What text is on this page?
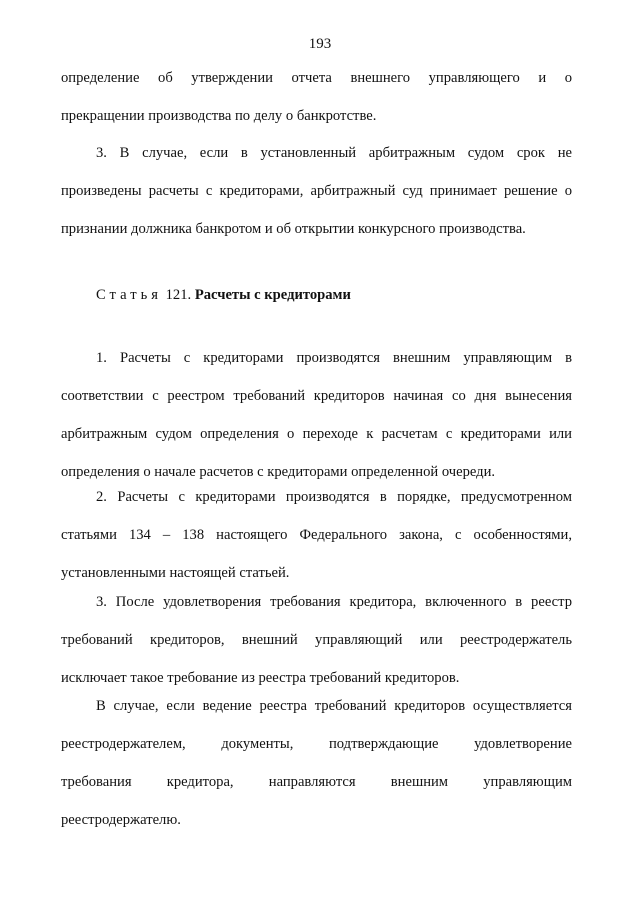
193
определение об утверждении отчета внешнего управляющего и о
прекращении производства по делу о банкротстве.
3. В случае, если в установленный арбитражным судом срок не
произведены расчеты с кредиторами, арбитражный суд принимает решение о
признании должника банкротом и об открытии конкурсного производства.
Статья 121. Расчеты с кредиторами
1. Расчеты с кредиторами производятся внешним управляющим в
соответствии с реестром требований кредиторов начиная со дня вынесения
арбитражным судом определения о переходе к расчетам с кредиторами или
определения о начале расчетов с кредиторами определенной очереди.
2. Расчеты с кредиторами производятся в порядке, предусмотренном
статьями 134 – 138 настоящего Федерального закона, с особенностями,
установленными настоящей статьей.
3. После удовлетворения требования кредитора, включенного в реестр
требований кредиторов, внешний управляющий или реестродержатель
исключает такое требование из реестра требований кредиторов.
В случае, если ведение реестра требований кредиторов осуществляется
реестродержателем, документы, подтверждающие удовлетворение
требования кредитора, направляются внешним управляющим
реестродержателю.
